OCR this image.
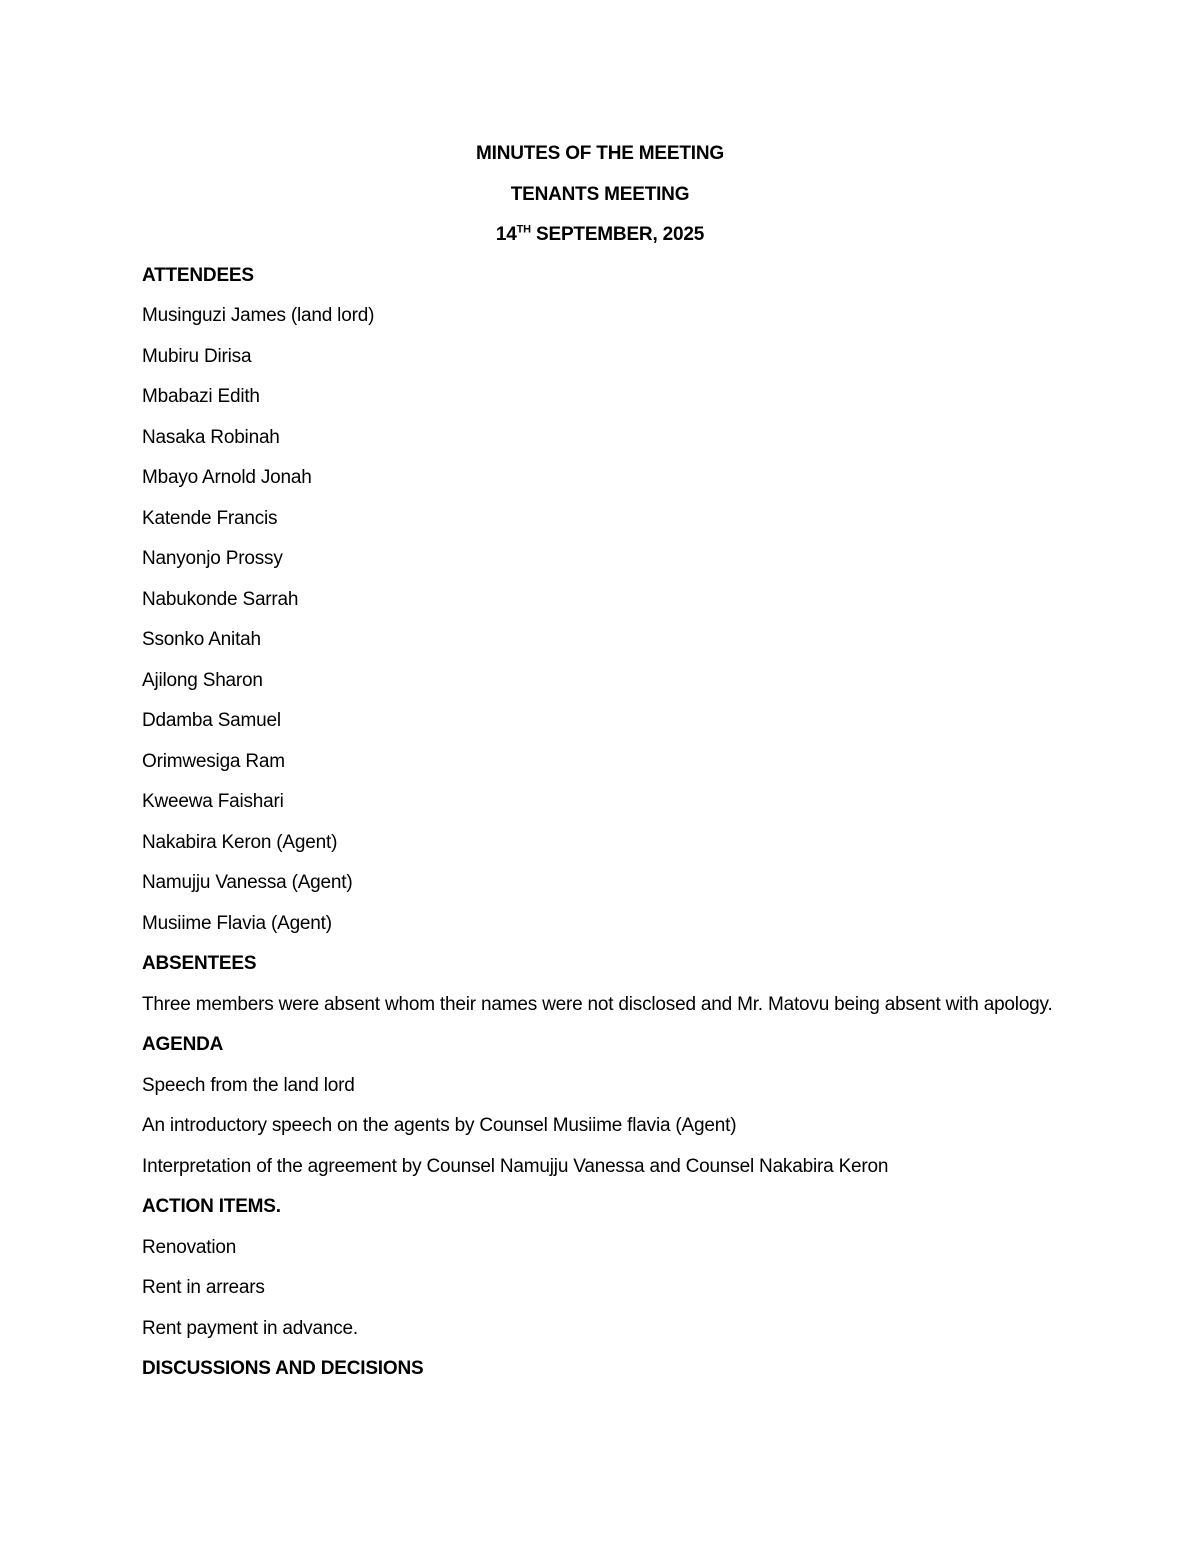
MINUTES OF THE MEETING
TENANTS MEETING
14TH SEPTEMBER, 2025
ATTENDEES
Musinguzi James (land lord)
Mubiru Dirisa
Mbabazi Edith
Nasaka Robinah
Mbayo Arnold Jonah
Katende Francis
Nanyonjo Prossy
Nabukonde Sarrah
Ssonko Anitah
Ajilong Sharon
Ddamba Samuel
Orimwesiga Ram
Kweewa Faishari
Nakabira Keron (Agent)
Namujju Vanessa (Agent)
Musiime Flavia (Agent)
ABSENTEES
Three members were absent whom their names were not disclosed and Mr. Matovu being absent with apology.
AGENDA
Speech from the land lord
An introductory speech on the agents by Counsel Musiime flavia (Agent)
Interpretation of the agreement by Counsel Namujju Vanessa and Counsel Nakabira Keron
ACTION ITEMS.
Renovation
Rent in arrears
Rent payment in advance.
DISCUSSIONS AND DECISIONS
